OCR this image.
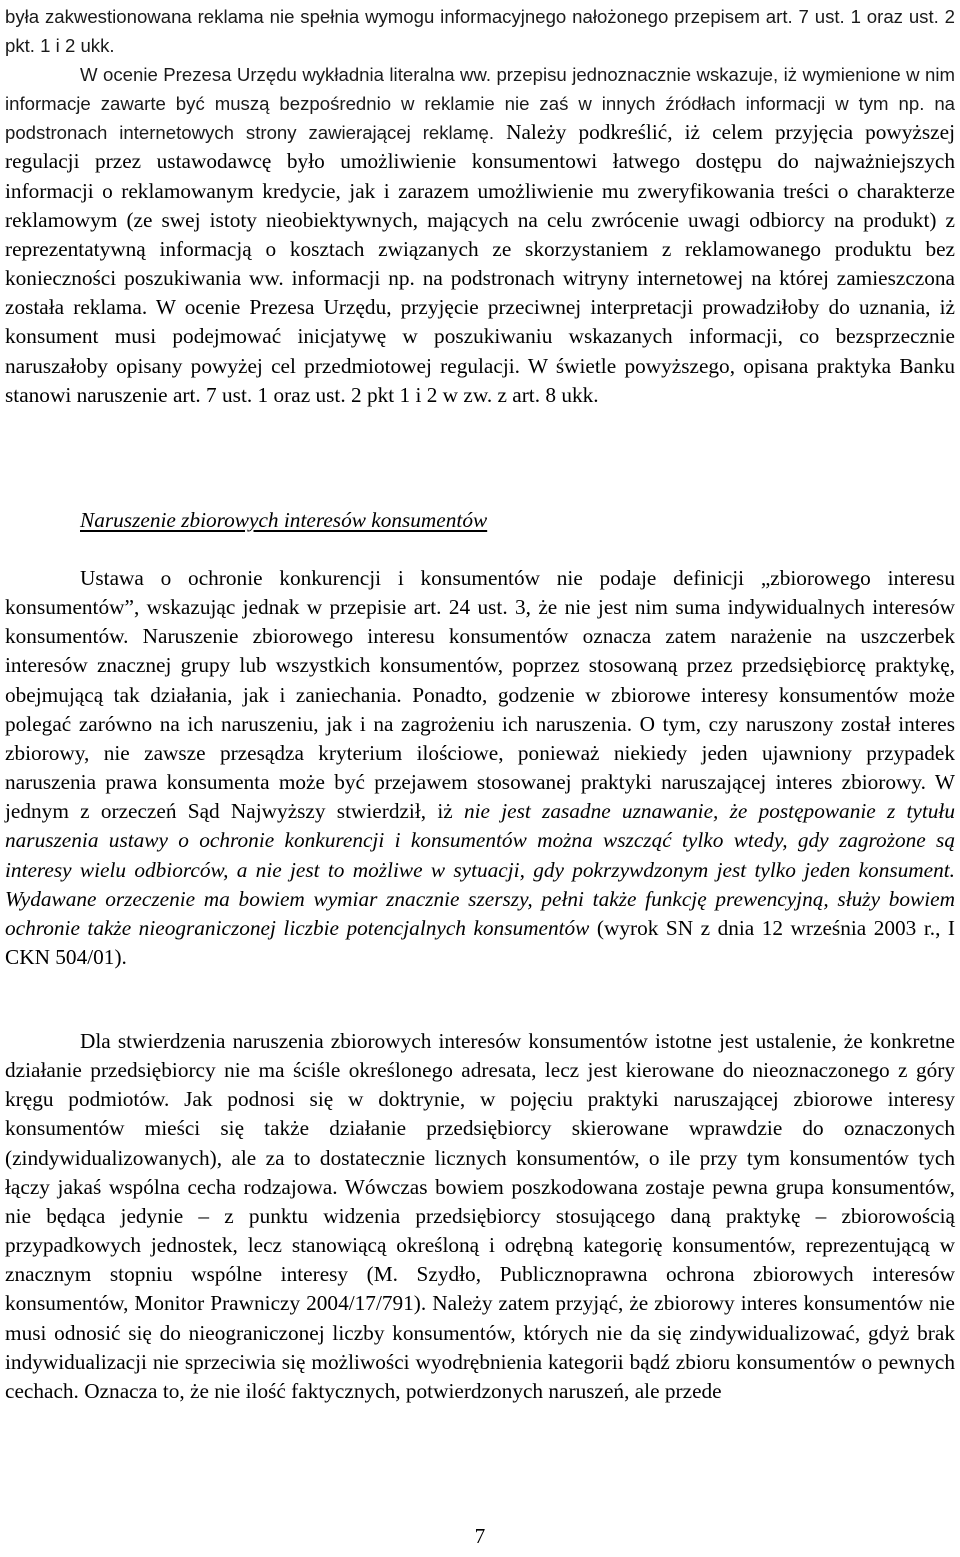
była zakwestionowana reklama nie spełnia wymogu informacyjnego nałożonego przepisem art. 7 ust. 1 oraz ust. 2 pkt. 1 i 2 ukk.
W ocenie Prezesa Urzędu wykładnia literalna ww. przepisu jednoznacznie wskazuje, iż wymienione w nim informacje zawarte być muszą bezpośrednio w reklamie nie zaś w innych źródłach informacji w tym np. na podstronach internetowych strony zawierającej reklamę. Należy podkreślić, iż celem przyjęcia powyższej regulacji przez ustawodawcę było umożliwienie konsumentowi łatwego dostępu do najważniejszych informacji o reklamowanym kredycie, jak i zarazem umożliwienie mu zweryfikowania treści o charakterze reklamowym (ze swej istoty nieobiektywnych, mających na celu zwrócenie uwagi odbiorcy na produkt) z reprezentatywną informacją o kosztach związanych ze skorzystaniem z reklamowanego produktu bez konieczności poszukiwania ww. informacji np. na podstronach witryny internetowej na której zamieszczona została reklama. W ocenie Prezesa Urzędu, przyjęcie przeciwnej interpretacji prowadziłoby do uznania, iż konsument musi podejmować inicjatywę w poszukiwaniu wskazanych informacji, co bezsprzecznie naruszałoby opisany powyżej cel przedmiotowej regulacji. W świetle powyższego, opisana praktyka Banku stanowi naruszenie art. 7 ust. 1 oraz ust. 2 pkt 1 i 2 w zw. z art. 8 ukk.
Naruszenie zbiorowych interesów konsumentów
Ustawa o ochronie konkurencji i konsumentów nie podaje definicji „zbiorowego interesu konsumentów”, wskazując jednak w przepisie art. 24 ust. 3, że nie jest nim suma indywidualnych interesów konsumentów. Naruszenie zbiorowego interesu konsumentów oznacza zatem narażenie na uszczerbek interesów znacznej grupy lub wszystkich konsumentów, poprzez stosowaną przez przedsiębiorcę praktykę, obejmującą tak działania, jak i zaniechania. Ponadto, godzenie w zbiorowe interesy konsumentów może polegać zarówno na ich naruszeniu, jak i na zagrożeniu ich naruszenia. O tym, czy naruszony został interes zbiorowy, nie zawsze przesądza kryterium ilościowe, ponieważ niekiedy jeden ujawniony przypadek naruszenia prawa konsumenta może być przejawem stosowanej praktyki naruszającej interes zbiorowy. W jednym z orzeczeń Sąd Najwyższy stwierdził, iż nie jest zasadne uznawanie, że postępowanie z tytułu naruszenia ustawy o ochronie konkurencji i konsumentów można wszcząć tylko wtedy, gdy zagrożone są interesy wielu odbiorców, a nie jest to możliwe w sytuacji, gdy pokrzywdzonym jest tylko jeden konsument. Wydawane orzeczenie ma bowiem wymiar znacznie szerszy, pełni także funkcję prewencyjną, służy bowiem ochronie także nieograniczonej liczbie potencjalnych konsumentów (wyrok SN z dnia 12 września 2003 r., I CKN 504/01).
Dla stwierdzenia naruszenia zbiorowych interesów konsumentów istotne jest ustalenie, że konkretne działanie przedsiębiorcy nie ma ściśle określonego adresata, lecz jest kierowane do nieoznaczonego z góry kręgu podmiotów. Jak podnosi się w doktrynie, w pojęciu praktyki naruszającej zbiorowe interesy konsumentów mieści się także działanie przedsiębiorcy skierowane wprawdzie do oznaczonych (zindywidualizowanych), ale za to dostatecznie licznych konsumentów, o ile przy tym konsumentów tych łączy jakaś wspólna cecha rodzajowa. Wówczas bowiem poszkodowana zostaje pewna grupa konsumentów, nie będąca jedynie – z punktu widzenia przedsiębiorcy stosującego daną praktykę – zbiorowością przypadkowych jednostek, lecz stanowiącą określoną i odrębną kategorię konsumentów, reprezentującą w znacznym stopniu wspólne interesy (M. Szydło, Publicznoprawna ochrona zbiorowych interesów konsumentów, Monitor Prawniczy 2004/17/791). Należy zatem przyjąć, że zbiorowy interes konsumentów nie musi odnosić się do nieograniczonej liczby konsumentów, których nie da się zindywidualizować, gdyż brak indywidualizacji nie sprzeciwia się możliwości wyodrębnienia kategorii bądź zbioru konsumentów o pewnych cechach. Oznacza to, że nie ilość faktycznych, potwierdzonych naruszeń, ale przede
7
